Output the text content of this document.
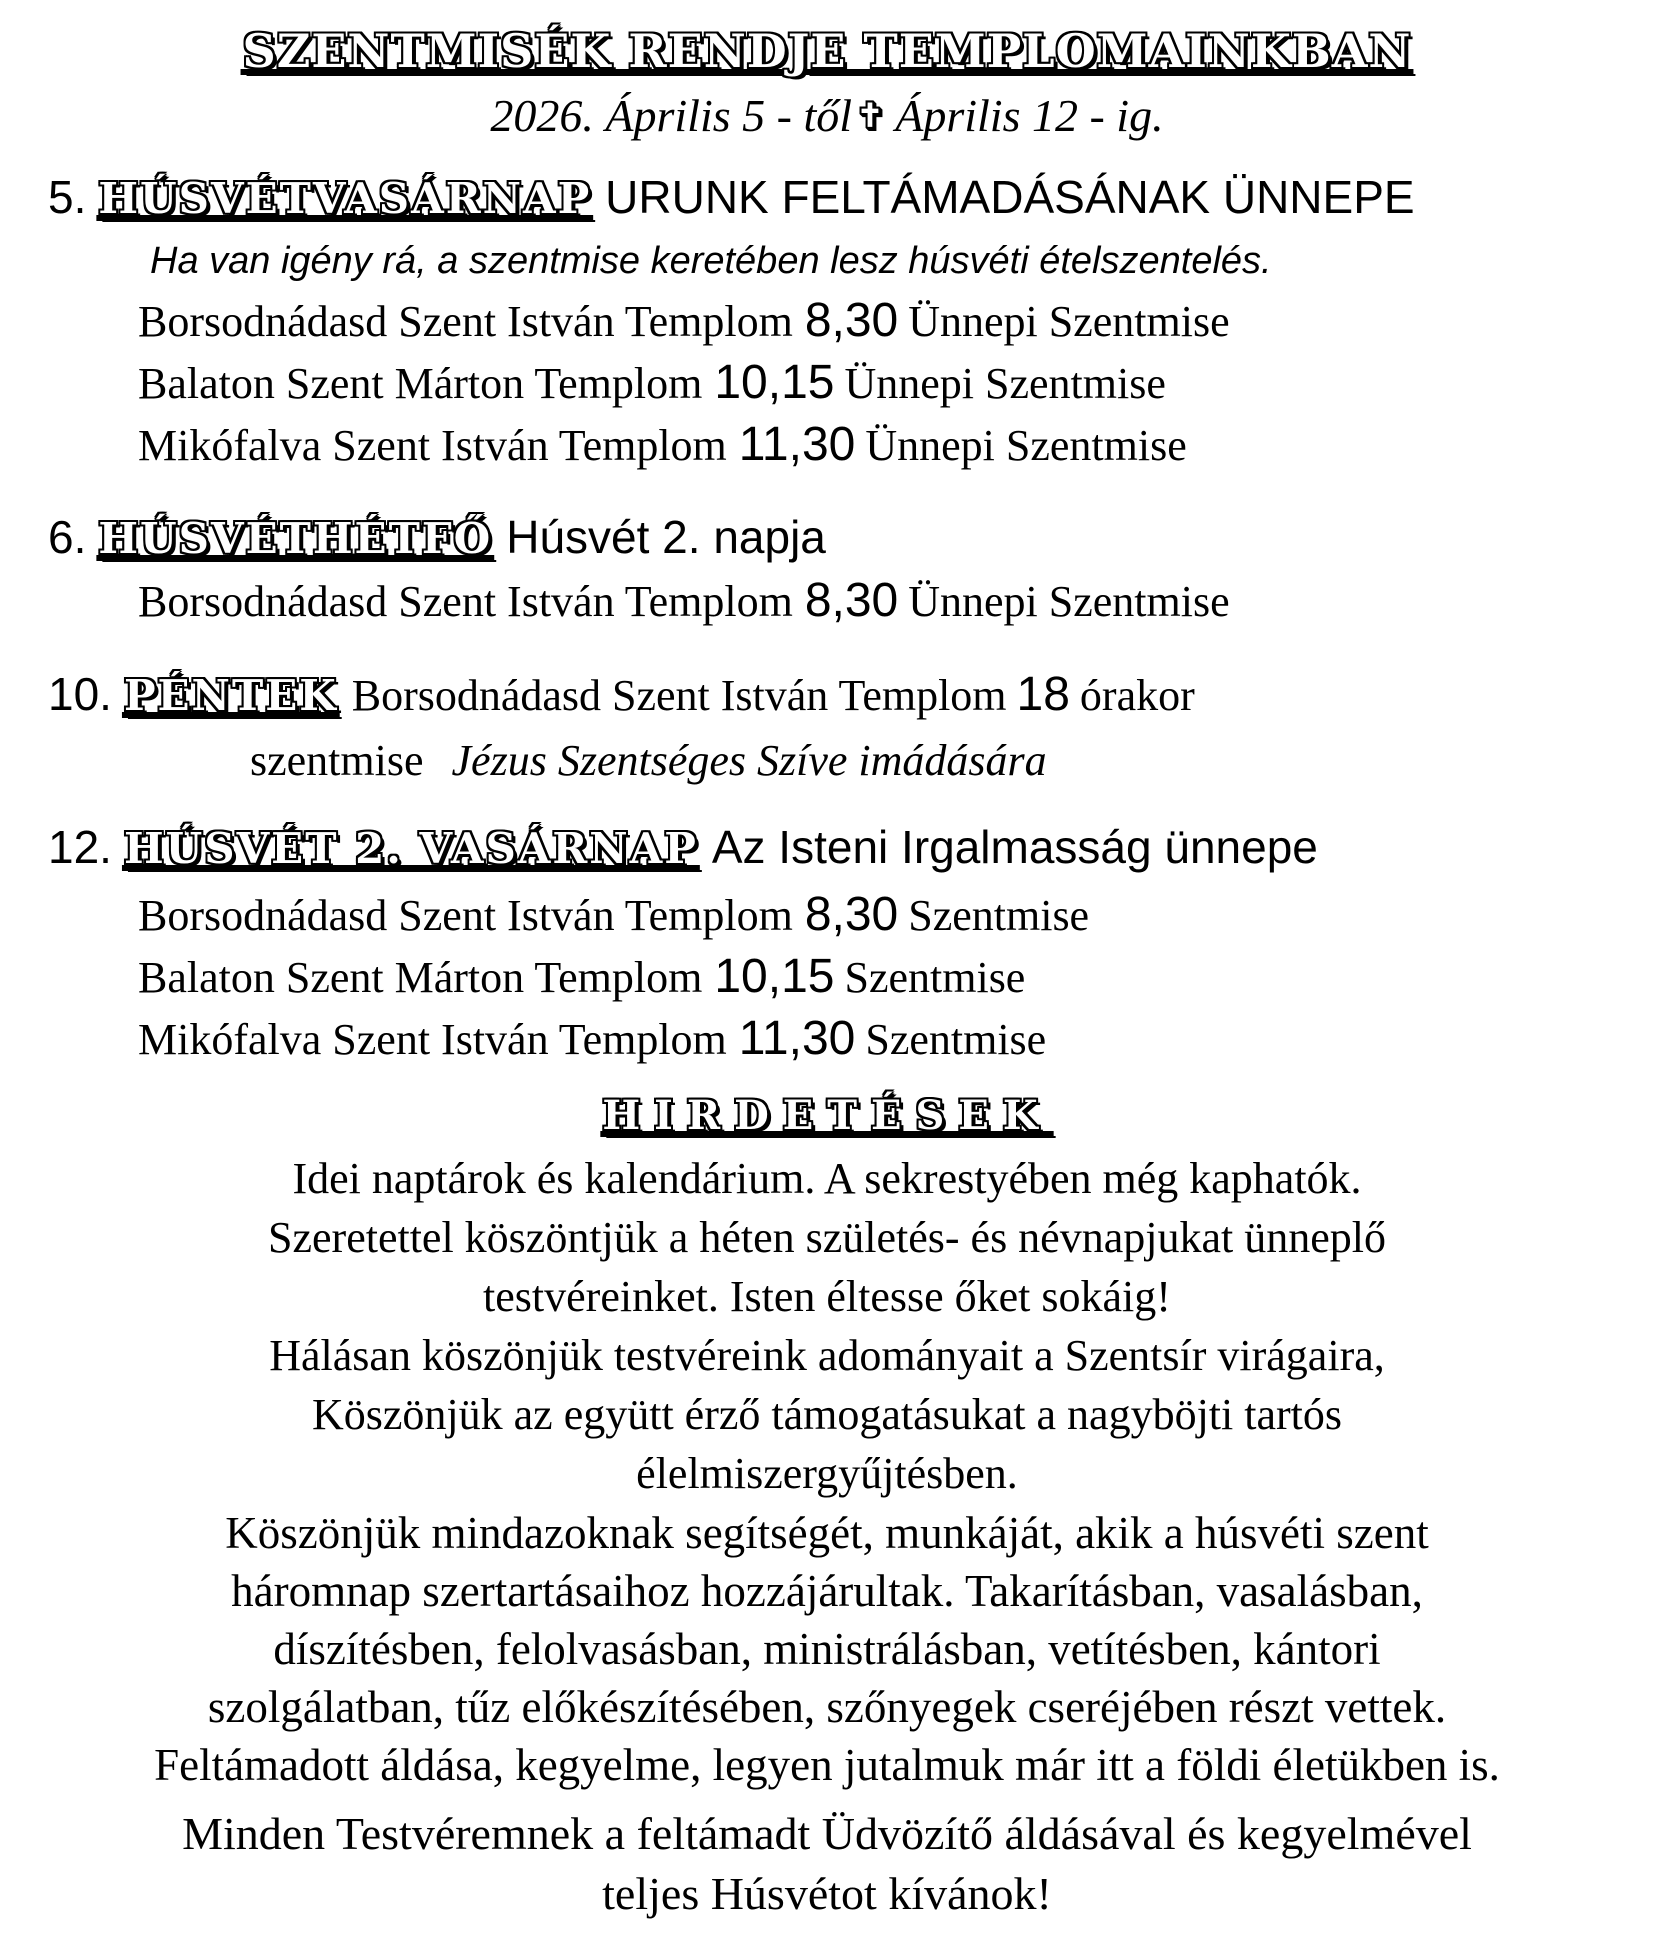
SZENTMISÉK RENDJE TEMPLOMAINKBAN
2026. Április 5 - től✞ Április 12 - ig.
5. HÚSVÉTVASÁRNAP URUNK FELTÁMADÁSÁNAK ÜNNEPE
Ha van igény rá, a szentmise keretében lesz húsvéti ételszentelés.
Borsodnádasd Szent István Templom 8,30 Ünnepi Szentmise
Balaton Szent Márton Templom 10,15 Ünnepi Szentmise
Mikófalva Szent István Templom 11,30 Ünnepi Szentmise
6. HÚSVÉTHÉTFŐ Húsvét 2. napja
Borsodnádasd Szent István Templom 8,30 Ünnepi Szentmise
10. PÉNTEK Borsodnádasd Szent István Templom 18 órakor
szentmise Jézus Szentséges Szíve imádására
12. HÚSVÉT 2. VASÁRNAP Az Isteni Irgalmasság ünnepe
Borsodnádasd Szent István Templom 8,30 Szentmise
Balaton Szent Márton Templom 10,15 Szentmise
Mikófalva Szent István Templom 11,30 Szentmise
HIRDETÉSEK
Idei naptárok és kalendárium. A sekrestyében még kaphatók.
Szeretettel köszöntjük a héten születés- és névnapjukat ünneplő
testvéreinket. Isten éltesse őket sokáig!
Hálásan köszönjük testvéreink adományait a Szentsír virágaira,
Köszönjük az együtt érző támogatásukat a nagyböjti tartós
élelmiszergyűjtésben.
Köszönjük mindazoknak segítségét, munkáját, akik a húsvéti szent
háromnap szertartásaihoz hozzájárultak. Takarításban, vasalásban,
díszítésben, felolvasásban, ministrálásban, vetítésben, kántori
szolgálatban, tűz előkészítésében, szőnyegek cseréjében részt vettek.
Feltámadott áldása, kegyelme, legyen jutalmuk már itt a földi életükben is.
Minden Testvéremnek a feltámadt Üdvözítő áldásával és kegyelmével
teljes Húsvétot kívánok!
